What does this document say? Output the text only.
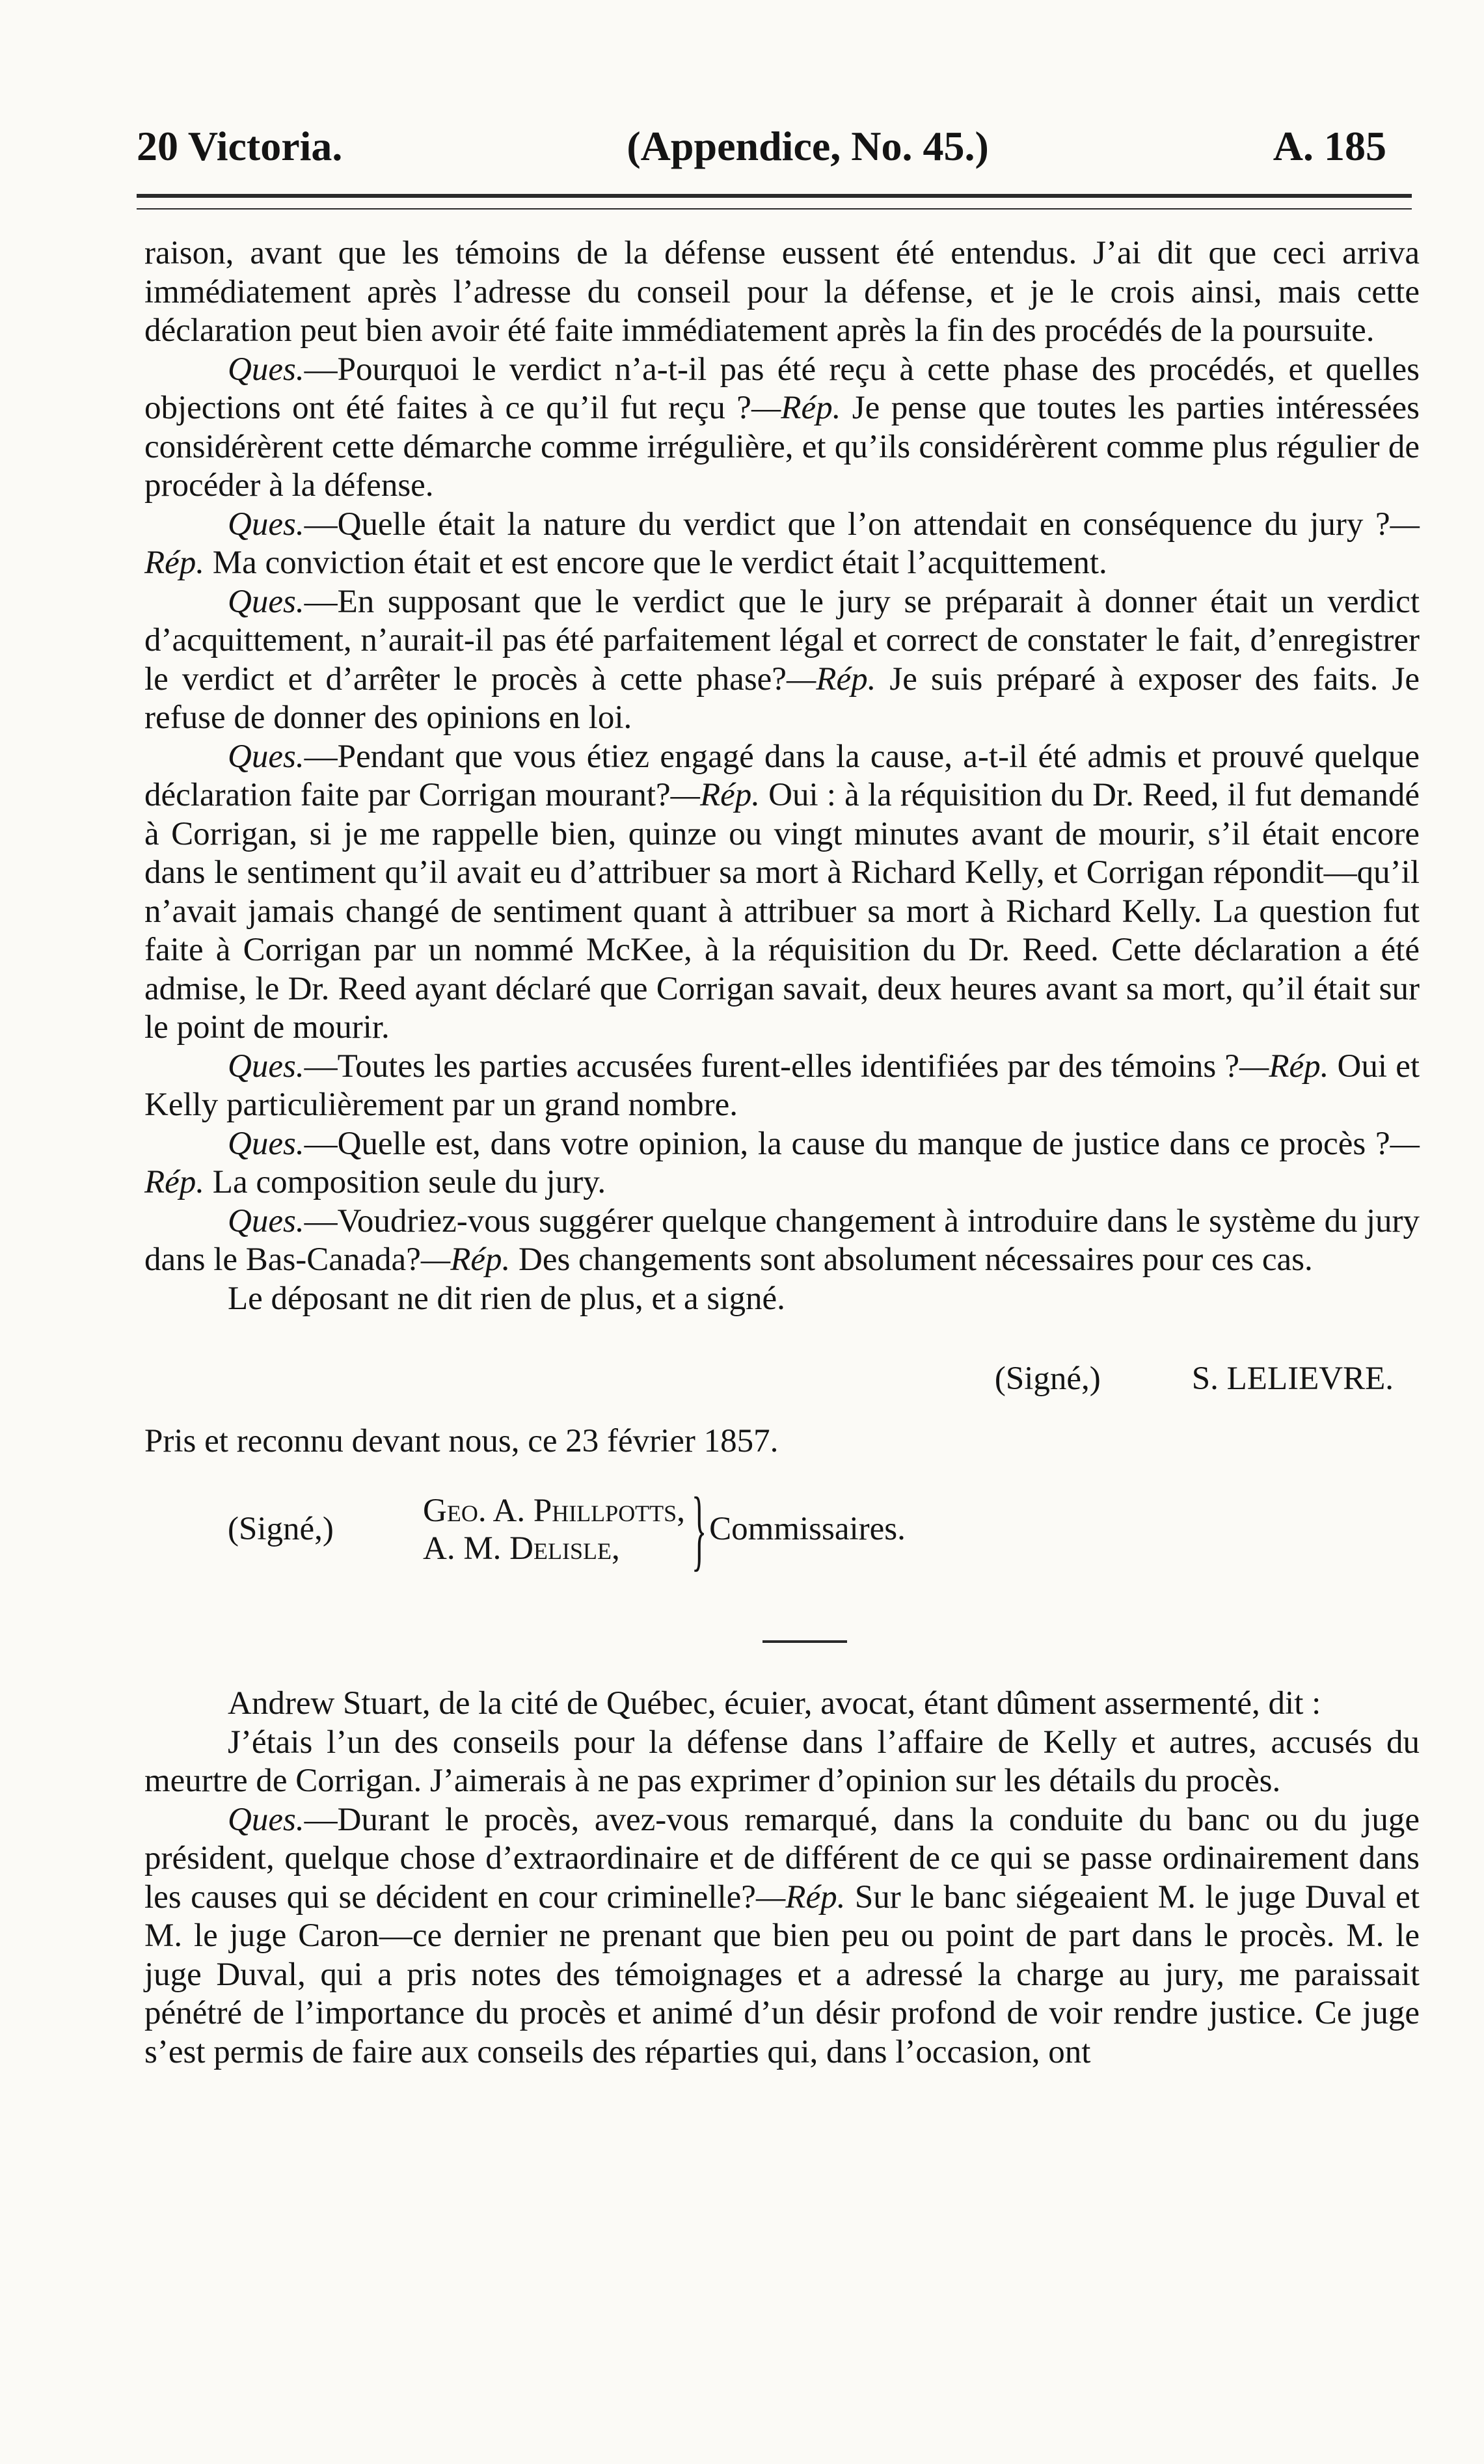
20 Victoria.	(Appendice, No. 45.)	A. 185

raison, avant que les témoins de la défense eussent été entendus. J’ai dit que ceci arriva immédiatement après l’adresse du conseil pour la défense, et je le crois ainsi, mais cette déclaration peut bien avoir été faite immédiatement après la fin des procédés de la poursuite.

Ques.—Pourquoi le verdict n’a-t-il pas été reçu à cette phase des procédés, et quelles objections ont été faites à ce qu’il fut reçu ?—Rép. Je pense que toutes les parties intéressées considérèrent cette démarche comme irrégulière, et qu’ils considérèrent comme plus régulier de procéder à la défense.

Ques.—Quelle était la nature du verdict que l’on attendait en conséquence du jury ?—Rép. Ma conviction était et est encore que le verdict était l’acquittement.

Ques.—En supposant que le verdict que le jury se préparait à donner était un verdict d’acquittement, n’aurait-il pas été parfaitement légal et correct de constater le fait, d’enregistrer le verdict et d’arrêter le procès à cette phase?—Rép. Je suis préparé à exposer des faits. Je refuse de donner des opinions en loi.

Ques.—Pendant que vous étiez engagé dans la cause, a-t-il été admis et prouvé quelque déclaration faite par Corrigan mourant?—Rép. Oui : à la réquisition du Dr. Reed, il fut demandé à Corrigan, si je me rappelle bien, quinze ou vingt minutes avant de mourir, s’il était encore dans le sentiment qu’il avait eu d’attribuer sa mort à Richard Kelly, et Corrigan répondit—qu’il n’avait jamais changé de sentiment quant à attribuer sa mort à Richard Kelly. La question fut faite à Corrigan par un nommé McKee, à la réquisition du Dr. Reed. Cette déclaration a été admise, le Dr. Reed ayant déclaré que Corrigan savait, deux heures avant sa mort, qu’il était sur le point de mourir.

Ques.—Toutes les parties accusées furent-elles identifiées par des témoins ?—Rép. Oui et Kelly particulièrement par un grand nombre.

Ques.—Quelle est, dans votre opinion, la cause du manque de justice dans ce procès ?—Rép. La composition seule du jury.

Ques.—Voudriez-vous suggérer quelque changement à introduire dans le système du jury dans le Bas-Canada?—Rép. Des changements sont absolument nécessaires pour ces cas.

Le déposant ne dit rien de plus, et a signé.

(Signé,)	S. LELIEVRE.

Pris et reconnu devant nous, ce 23 février 1857.

(Signé,)
Geo. A. Phillpotts,
A. M. Delisle, } Commissaires.

Andrew Stuart, de la cité de Québec, écuier, avocat, étant dûment assermenté, dit :

J’étais l’un des conseils pour la défense dans l’affaire de Kelly et autres, accusés du meurtre de Corrigan. J’aimerais à ne pas exprimer d’opinion sur les détails du procès.

Ques.—Durant le procès, avez-vous remarqué, dans la conduite du banc ou du juge président, quelque chose d’extraordinaire et de différent de ce qui se passe ordinairement dans les causes qui se décident en cour criminelle?—Rép. Sur le banc siégeaient M. le juge Duval et M. le juge Caron—ce dernier ne prenant que bien peu ou point de part dans le procès. M. le juge Duval, qui a pris notes des témoignages et a adressé la charge au jury, me paraissait pénétré de l’importance du procès et animé d’un désir profond de voir rendre justice. Ce juge s’est permis de faire aux conseils des réparties qui, dans l’occasion, ont
